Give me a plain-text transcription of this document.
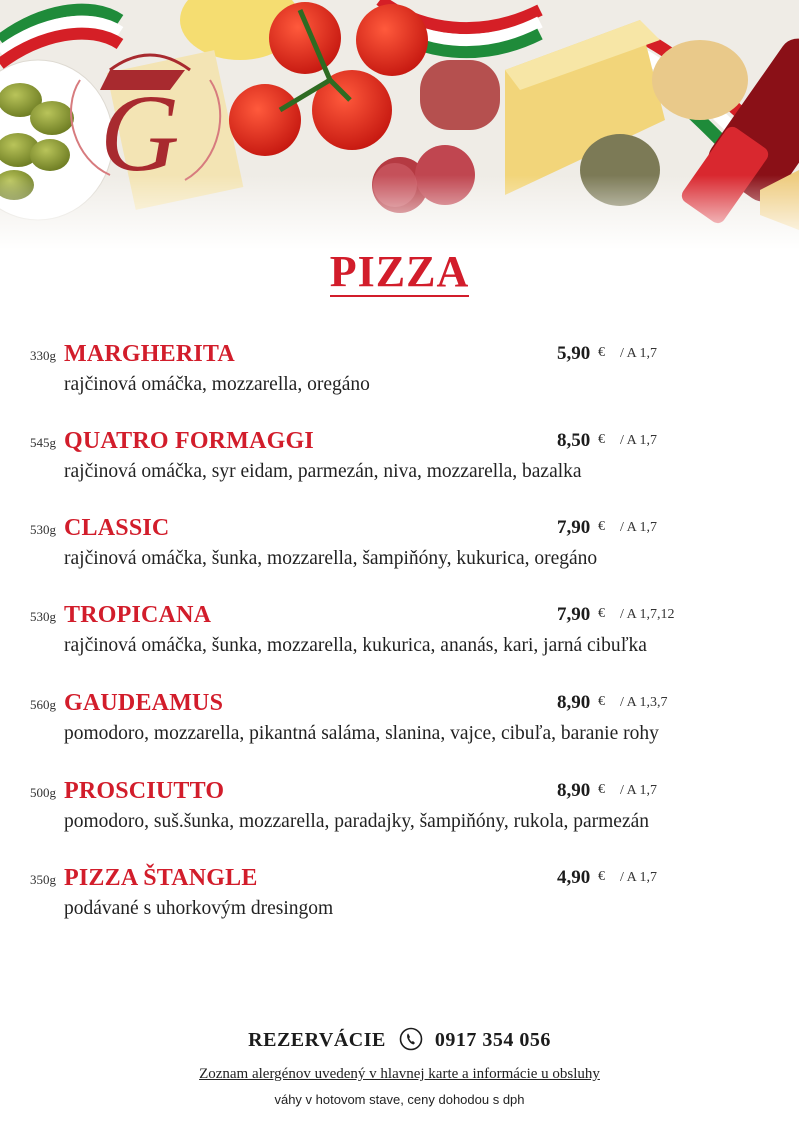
PIZZA
330g MARGHERITA	5,90 € / A 1,7
rajčinová omáčka, mozzarella, oregáno
545g QUATRO FORMAGGI	8,50 € / A 1,7
rajčinová omáčka, syr eidam, parmezán, niva, mozzarella, bazalka
530g CLASSIC	7,90 € / A 1,7
rajčinová omáčka, šunka, mozzarella, šampiňóny, kukurica, oregáno
530g TROPICANA	7,90 € / A 1,7,12
rajčinová omáčka, šunka, mozzarella, kukurica, ananás, kari, jarná cibuľka
560g GAUDEAMUS	8,90 € / A 1,3,7
pomodoro, mozzarella, pikantná saláma, slanina, vajce, cibuľa, baranie rohy
500g PROSCIUTTO	8,90 € / A 1,7
pomodoro, suš.šunka, mozzarella, paradajky, šampiňóny, rukola, parmezán
350g PIZZA ŠTANGLE	4,90 € / A 1,7
podávané s uhorkovým dresingom
REZERVÁCIE 0917 354 056
Zoznam alergénov uvedený v hlavnej karte a informácie u obsluhy
váhy v hotovom stave, ceny dohodou s dph
